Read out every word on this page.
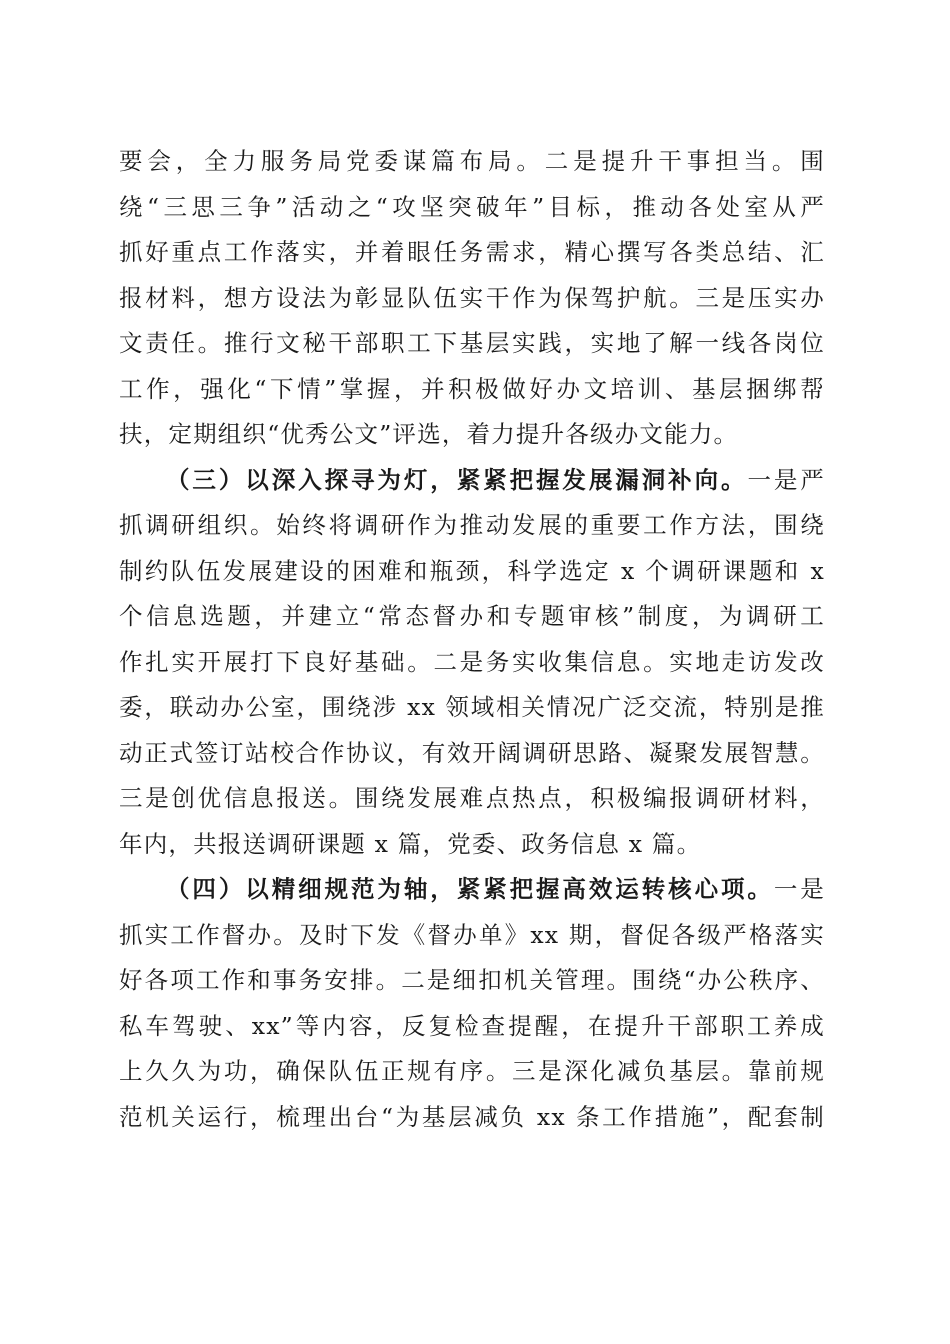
要会，全力服务局党委谋篇布局。二是提升干事担当。围
绕“三思三争”活动之“攻坚突破年”目标，推动各处室从严
抓好重点工作落实，并着眼任务需求，精心撰写各类总结、汇
报材料，想方设法为彰显队伍实干作为保驾护航。三是压实办
文责任。推行文秘干部职工下基层实践，实地了解一线各岗位
工作，强化“下情”掌握，并积极做好办文培训、基层捆绑帮
扶，定期组织“优秀公文”评选，着力提升各级办文能力。
（三）以深入探寻为灯，紧紧把握发展漏洞补向。一是严
抓调研组织。始终将调研作为推动发展的重要工作方法，围绕
制约队伍发展建设的困难和瓶颈，科学选定 x 个调研课题和 x
个信息选题，并建立“常态督办和专题审核”制度，为调研工
作扎实开展打下良好基础。二是务实收集信息。实地走访发改
委，联动办公室，围绕涉 xx 领域相关情况广泛交流，特别是推
动正式签订站校合作协议，有效开阔调研思路、凝聚发展智慧。
三是创优信息报送。围绕发展难点热点，积极编报调研材料，
年内，共报送调研课题 x 篇，党委、政务信息 x 篇。
（四）以精细规范为轴，紧紧把握高效运转核心项。一是
抓实工作督办。及时下发《督办单》xx 期，督促各级严格落实
好各项工作和事务安排。二是细扣机关管理。围绕“办公秩序、
私车驾驶、xx”等内容，反复检查提醒，在提升干部职工养成
上久久为功，确保队伍正规有序。三是深化减负基层。靠前规
范机关运行，梳理出台“为基层减负 xx 条工作措施”，配套制
